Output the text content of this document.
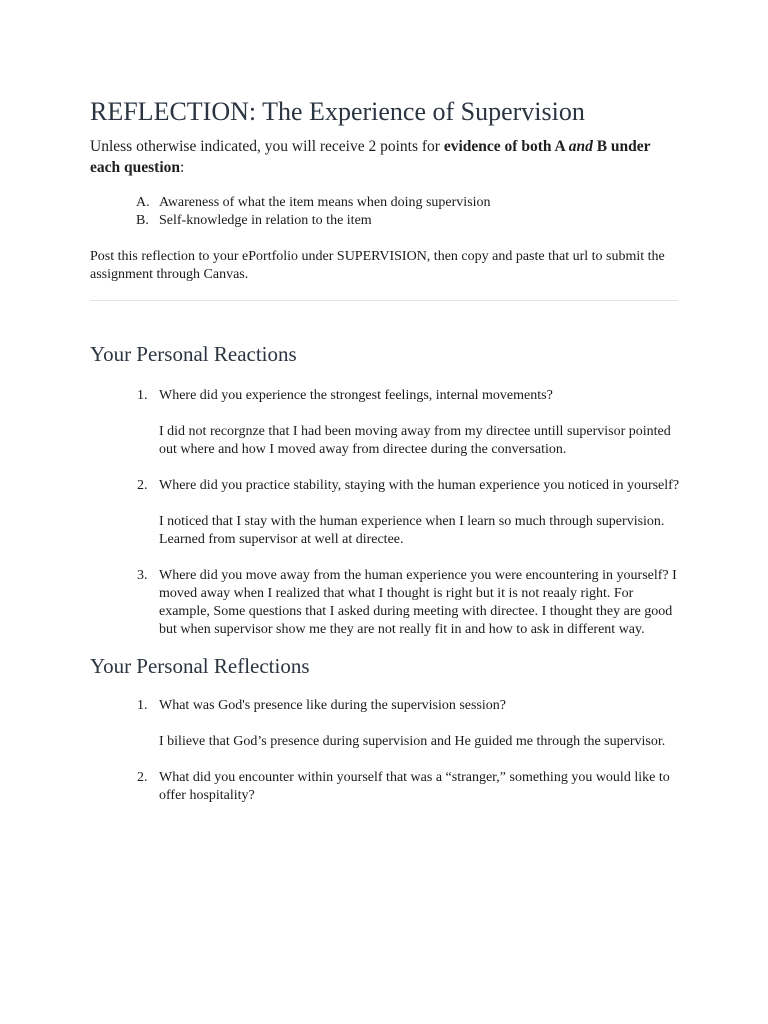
REFLECTION: The Experience of Supervision

Unless otherwise indicated, you will receive 2 points for evidence of both A and B under each question:

A. Awareness of what the item means when doing supervision
B. Self-knowledge in relation to the item

Post this reflection to your ePortfolio under SUPERVISION, then copy and paste that url to submit the assignment through Canvas.

Your Personal Reactions
1. Where did you experience the strongest feelings, internal movements?
I did not recorgnze that I had been moving away from my directee untill supervisor pointed out where and how I moved away from directee during the conversation.
2. Where did you practice stability, staying with the human experience you noticed in yourself?
I noticed that I stay with the human experience when I learn so much through supervision. Learned from supervisor at well at directee.
3. Where did you move away from the human experience you were encountering in yourself? I moved away when I realized that what I thought is right but it is not reaaly right. For example, Some questions that I asked during meeting with directee. I thought they are good but when supervisor show me they are not really fit in and how to ask in different way.
Your Personal Reflections
1. What was God's presence like during the supervision session?
I bilieve that God’s presence during supervision and He guided me through the supervisor.
2. What did you encounter within yourself that was a “stranger,” something you would like to offer hospitality?
